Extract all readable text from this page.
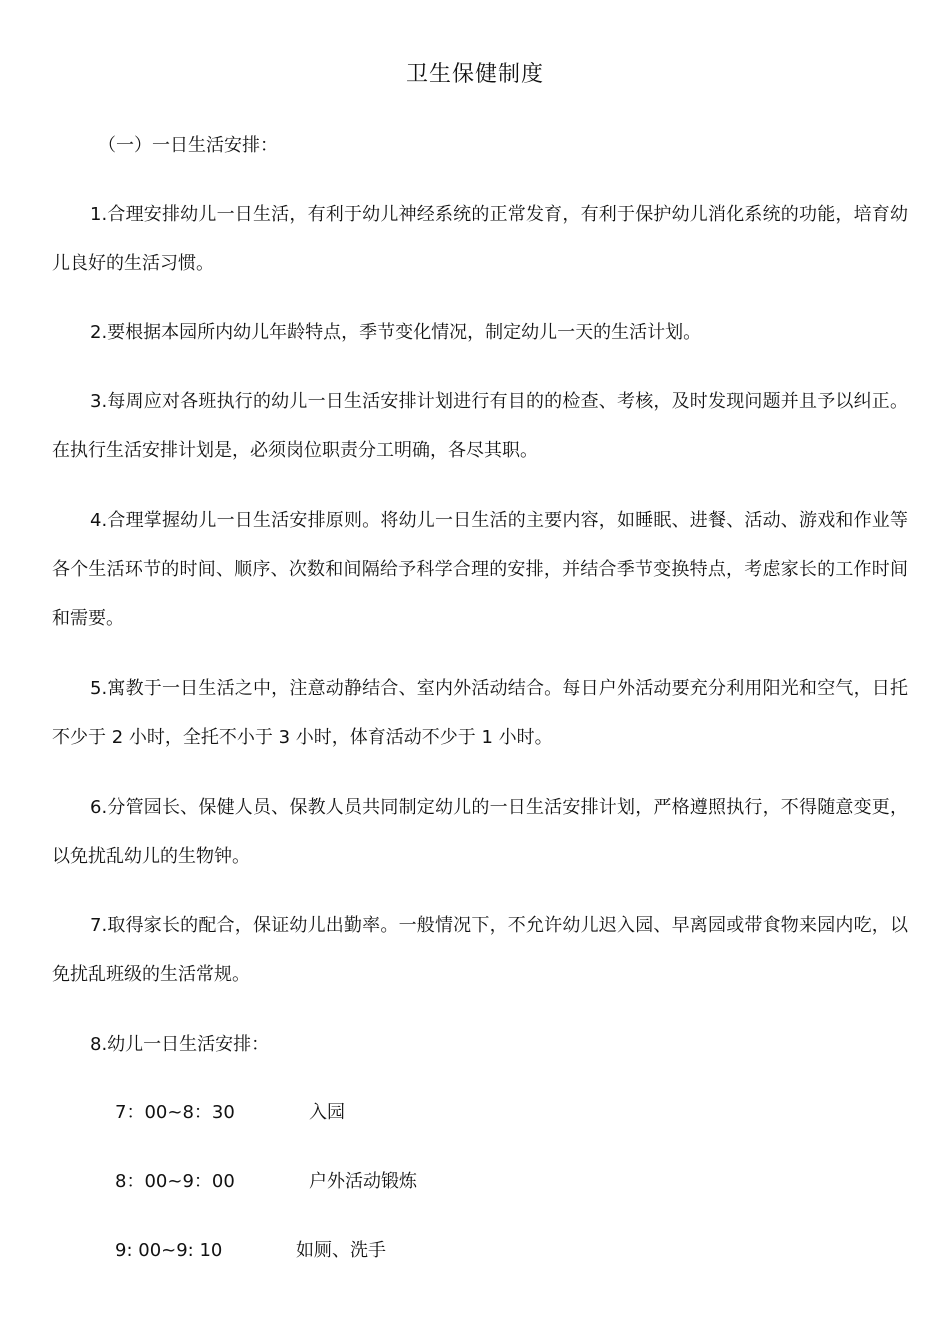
卫生保健制度
（一）一日生活安排：
1.合理安排幼儿一日生活，有利于幼儿神经系统的正常发育，有利于保护幼儿消化系统的功能，培育幼儿良好的生活习惯。
2.要根据本园所内幼儿年龄特点，季节变化情况，制定幼儿一天的生活计划。
3.每周应对各班执行的幼儿一日生活安排计划进行有目的的检查、考核，及时发现问题并且予以纠正。在执行生活安排计划是，必须岗位职责分工明确，各尽其职。
4.合理掌握幼儿一日生活安排原则。将幼儿一日生活的主要内容，如睡眠、进餐、活动、游戏和作业等各个生活环节的时间、顺序、次数和间隔给予科学合理的安排，并结合季节变换特点，考虑家长的工作时间和需要。
5.寓教于一日生活之中，注意动静结合、室内外活动结合。每日户外活动要充分利用阳光和空气，日托不少于 2 小时，全托不小于 3 小时，体育活动不少于 1 小时。
6.分管园长、保健人员、保教人员共同制定幼儿的一日生活安排计划，严格遵照执行，不得随意变更，以免扰乱幼儿的生物钟。
7.取得家长的配合，保证幼儿出勤率。一般情况下，不允许幼儿迟入园、早离园或带食物来园内吃，以免扰乱班级的生活常规。
8.幼儿一日生活安排：
7：00~8：30	入园
8：00~9：00	户外活动锻炼
9: 00~9: 10	如厕、洗手
